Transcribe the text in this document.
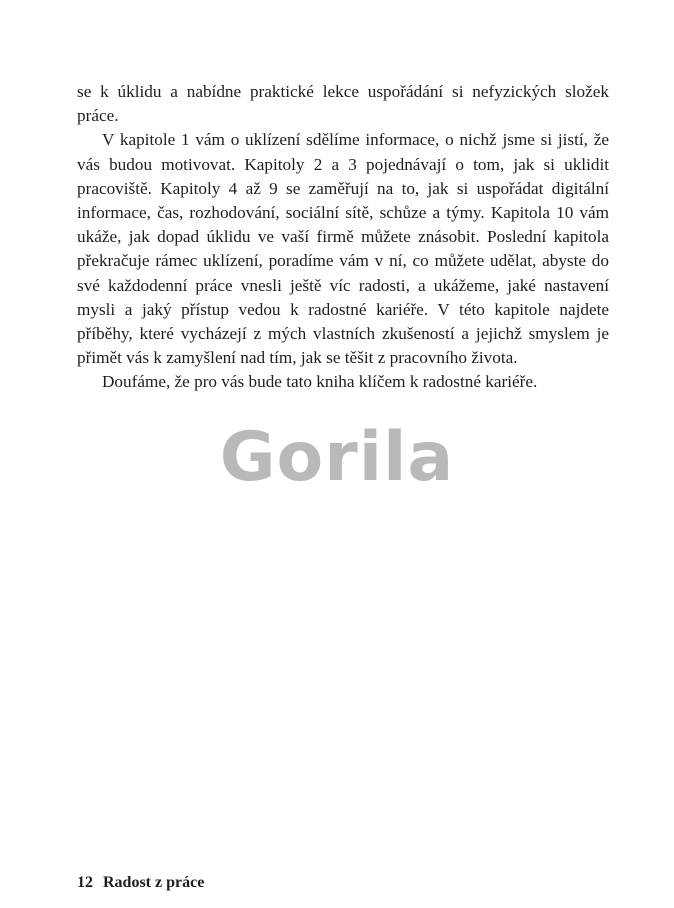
se k úklidu a nabídne praktické lekce uspořádání si nefyzických složek práce.

V kapitole 1 vám o uklízení sdělíme informace, o nichž jsme si jistí, že vás budou motivovat. Kapitoly 2 a 3 pojednávají o tom, jak si uklidit pracoviště. Kapitoly 4 až 9 se zaměřují na to, jak si uspořádat digitální informace, čas, rozhodování, sociální sítě, schůze a týmy. Kapitola 10 vám ukáže, jak dopad úklidu ve vaší firmě můžete znásobit. Poslední kapitola překračuje rámec uklízení, poradíme vám v ní, co můžete udělat, abyste do své každodenní práce vnesli ještě víc radosti, a ukážeme, jaké nastavení mysli a jaký přístup vedou k radostné kariéře. V této kapitole najdete příběhy, které vycházejí z mých vlastních zkušeností a jejichž smyslem je přimět vás k zamyšlení nad tím, jak se těšit z pracovního života.

Doufáme, že pro vás bude tato kniha klíčem k radostné kariéře.

Gorila
12 Radost z práce
